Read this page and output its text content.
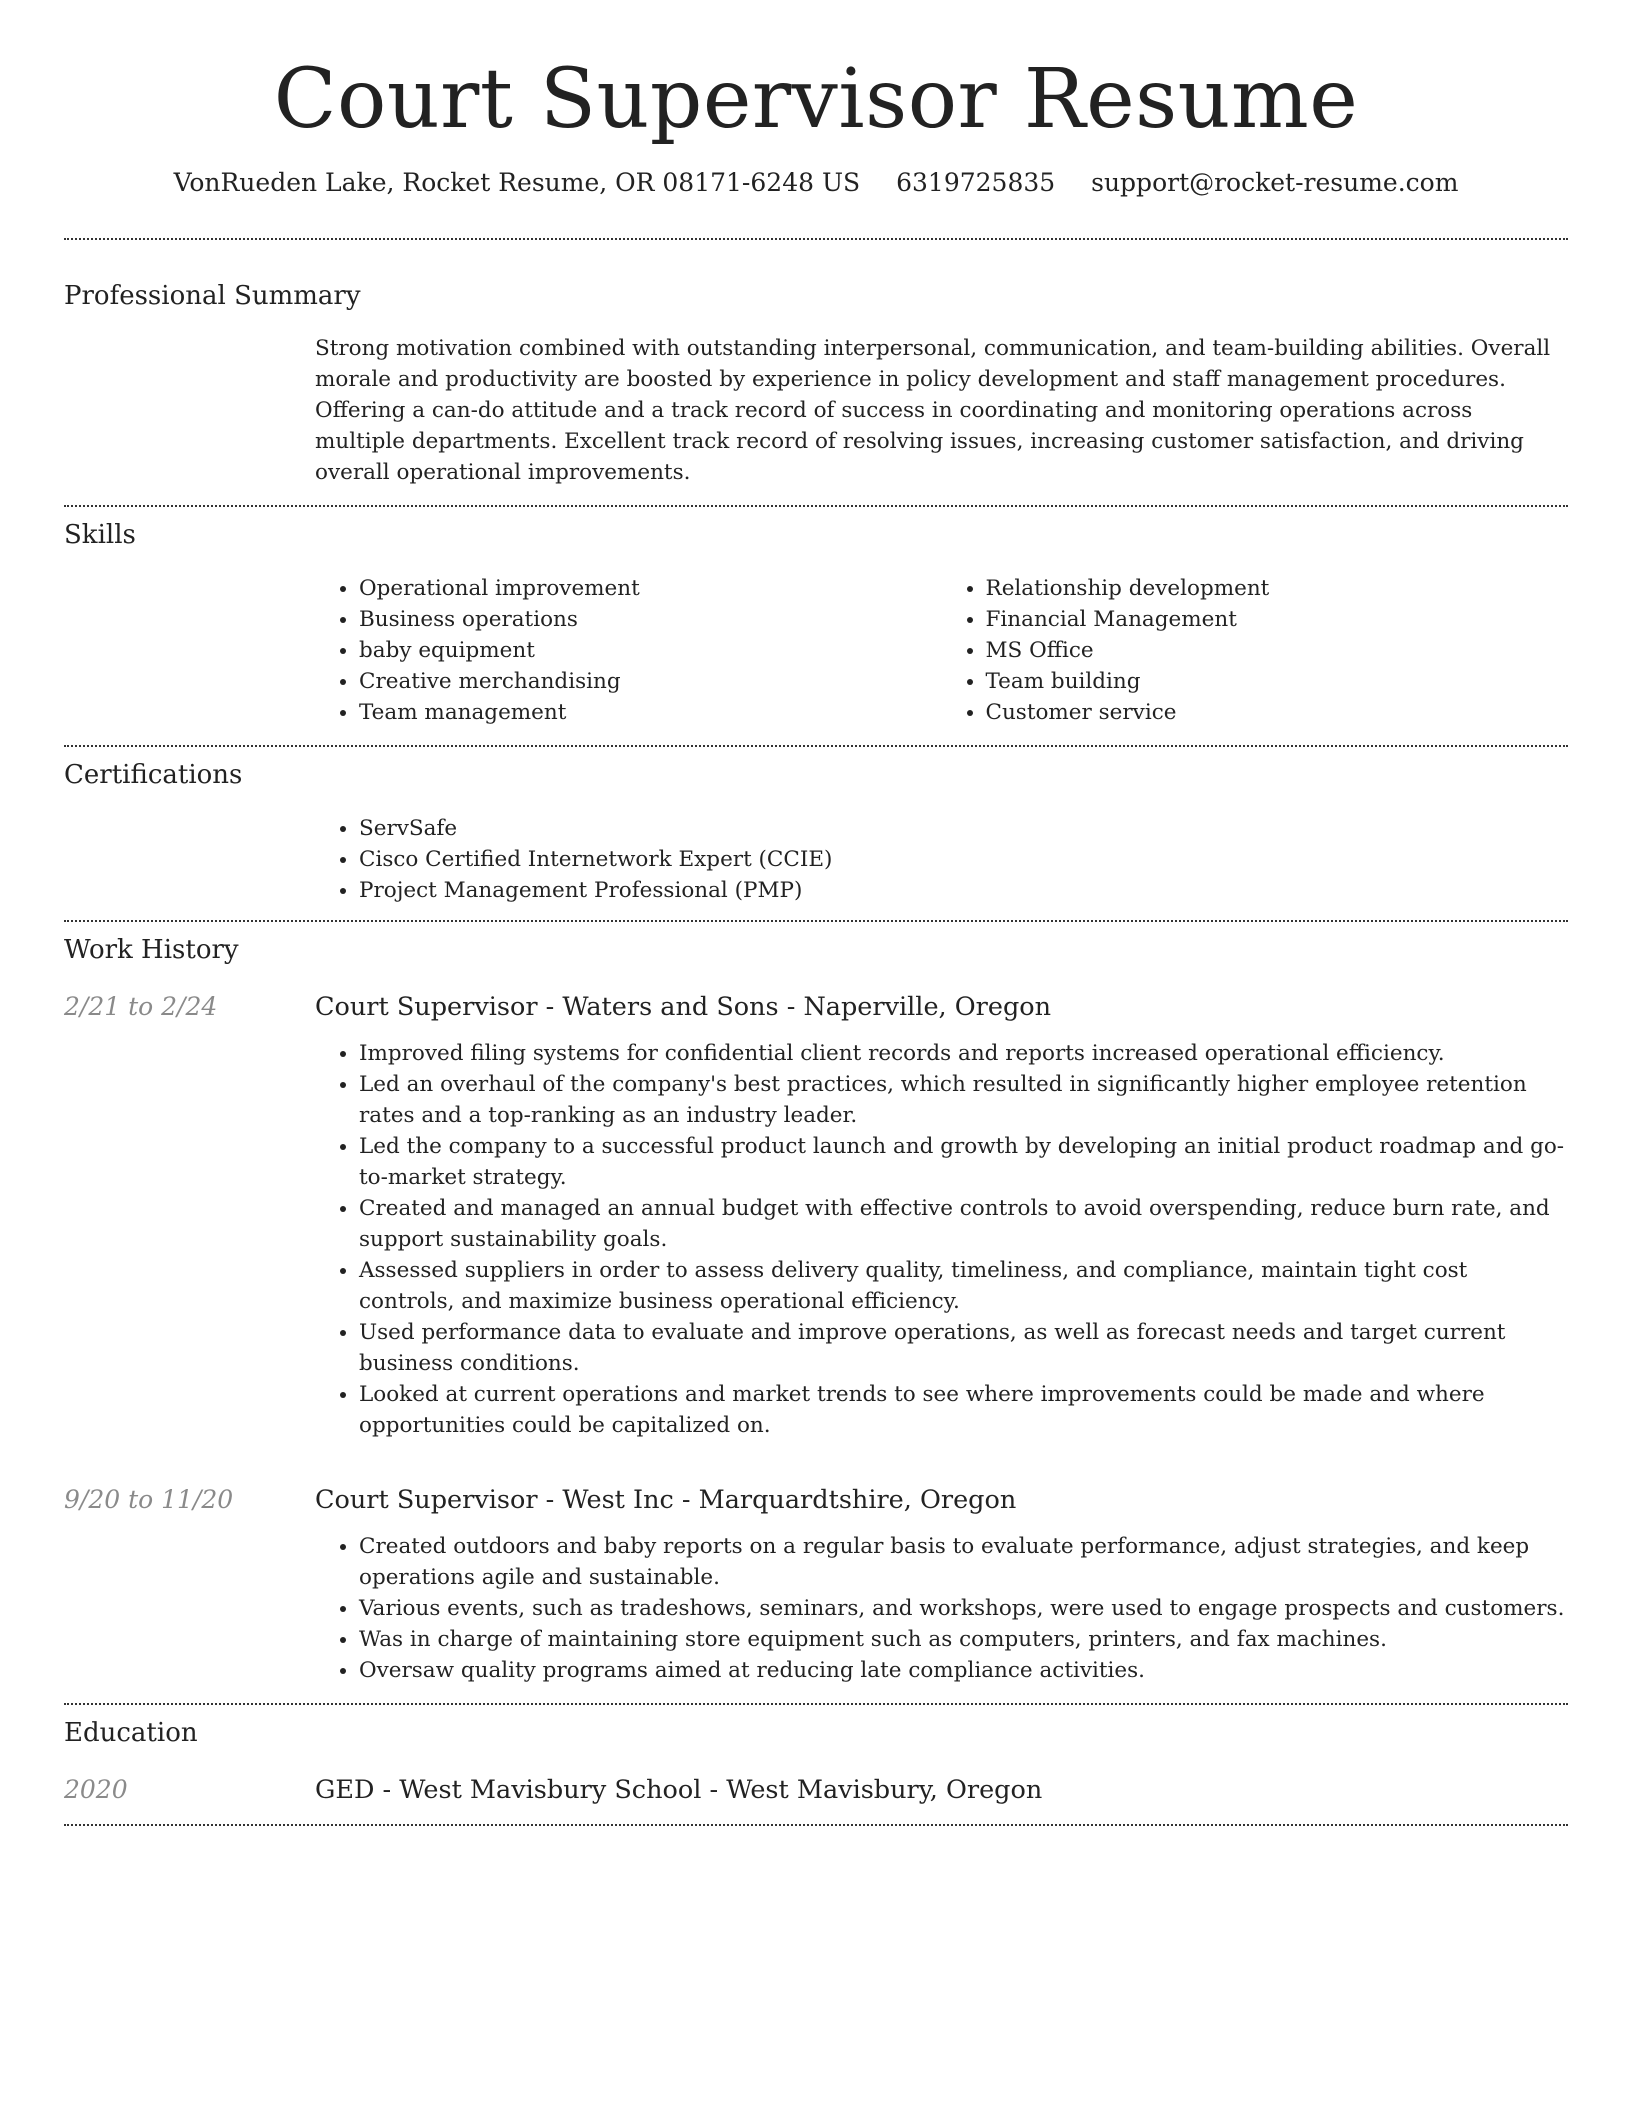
Court Supervisor Resume
VonRueden Lake, Rocket Resume, OR 08171-6248 US 6319725835 support@rocket-resume.com
Professional Summary

Strong motivation combined with outstanding interpersonal, communication, and team-building abilities. Overall morale and productivity are boosted by experience in policy development and staff management procedures. Offering a can-do attitude and a track record of success in coordinating and monitoring operations across multiple departments. Excellent track record of resolving issues, increasing customer satisfaction, and driving overall operational improvements.

Skills
• Operational improvement
• Business operations
• baby equipment
• Creative merchandising
• Team management
• Relationship development
• Financial Management
• MS Office
• Team building
• Customer service
Certifications
• ServSafe
• Cisco Certified Internetwork Expert (CCIE)
• Project Management Professional (PMP)
Work History
2/21 to 2/24	Court Supervisor - Waters and Sons - Naperville, Oregon
• Improved filing systems for confidential client records and reports increased operational efficiency.
• Led an overhaul of the company's best practices, which resulted in significantly higher employee retention rates and a top-ranking as an industry leader.
• Led the company to a successful product launch and growth by developing an initial product roadmap and go-to-market strategy.
• Created and managed an annual budget with effective controls to avoid overspending, reduce burn rate, and support sustainability goals.
• Assessed suppliers in order to assess delivery quality, timeliness, and compliance, maintain tight cost controls, and maximize business operational efficiency.
• Used performance data to evaluate and improve operations, as well as forecast needs and target current business conditions.
• Looked at current operations and market trends to see where improvements could be made and where opportunities could be capitalized on.
9/20 to 11/20	Court Supervisor - West Inc - Marquardtshire, Oregon
• Created outdoors and baby reports on a regular basis to evaluate performance, adjust strategies, and keep operations agile and sustainable.
• Various events, such as tradeshows, seminars, and workshops, were used to engage prospects and customers.
• Was in charge of maintaining store equipment such as computers, printers, and fax machines.
• Oversaw quality programs aimed at reducing late compliance activities.
Education
2020	GED - West Mavisbury School - West Mavisbury, Oregon
